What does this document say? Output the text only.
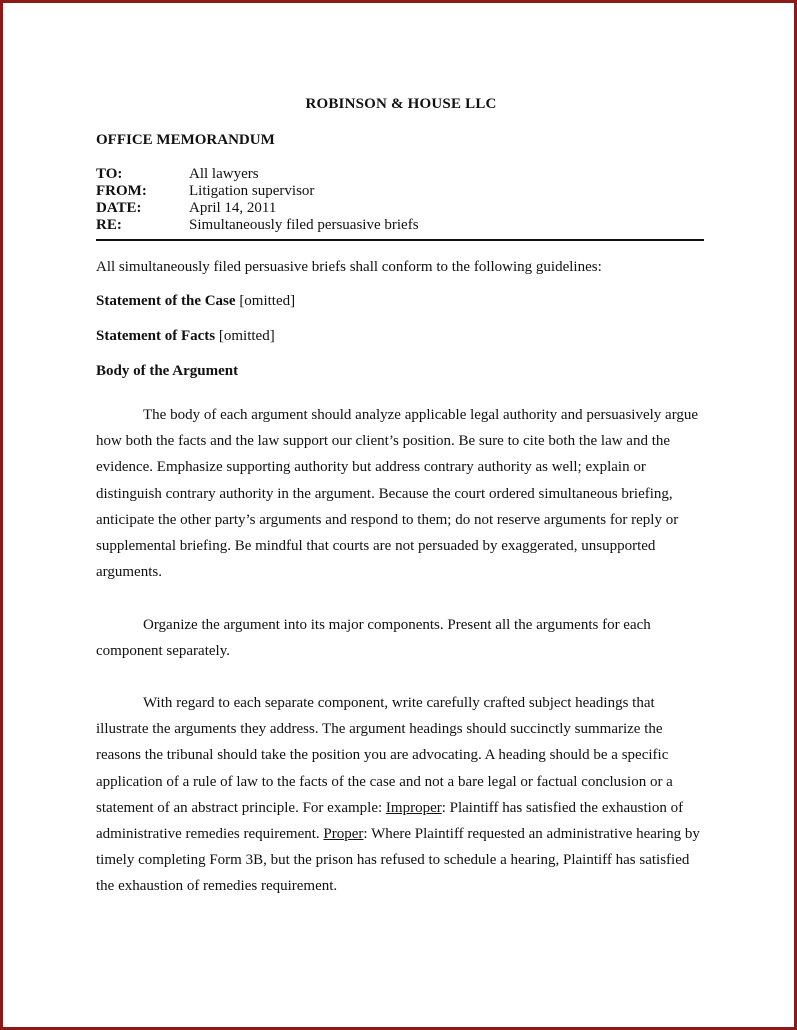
ROBINSON & HOUSE LLC
OFFICE MEMORANDUM
TO:	All lawyers
FROM:	Litigation supervisor
DATE:	April 14, 2011
RE:	Simultaneously filed persuasive briefs
All simultaneously filed persuasive briefs shall conform to the following guidelines:
Statement of the Case [omitted]
Statement of Facts [omitted]
Body of the Argument
The body of each argument should analyze applicable legal authority and persuasively argue
how both the facts and the law support our client’s position. Be sure to cite both the law and the
evidence. Emphasize supporting authority but address contrary authority as well; explain or
distinguish contrary authority in the argument. Because the court ordered simultaneous briefing,
anticipate the other party’s arguments and respond to them; do not reserve arguments for reply or
supplemental briefing. Be mindful that courts are not persuaded by exaggerated, unsupported
arguments.
Organize the argument into its major components. Present all the arguments for each
component separately.
With regard to each separate component, write carefully crafted subject headings that
illustrate the arguments they address. The argument headings should succinctly summarize the
reasons the tribunal should take the position you are advocating. A heading should be a specific
application of a rule of law to the facts of the case and not a bare legal or factual conclusion or a
statement of an abstract principle. For example: Improper: Plaintiff has satisfied the exhaustion of
administrative remedies requirement. Proper: Where Plaintiff requested an administrative hearing by
timely completing Form 3B, but the prison has refused to schedule a hearing, Plaintiff has satisfied
the exhaustion of remedies requirement.
